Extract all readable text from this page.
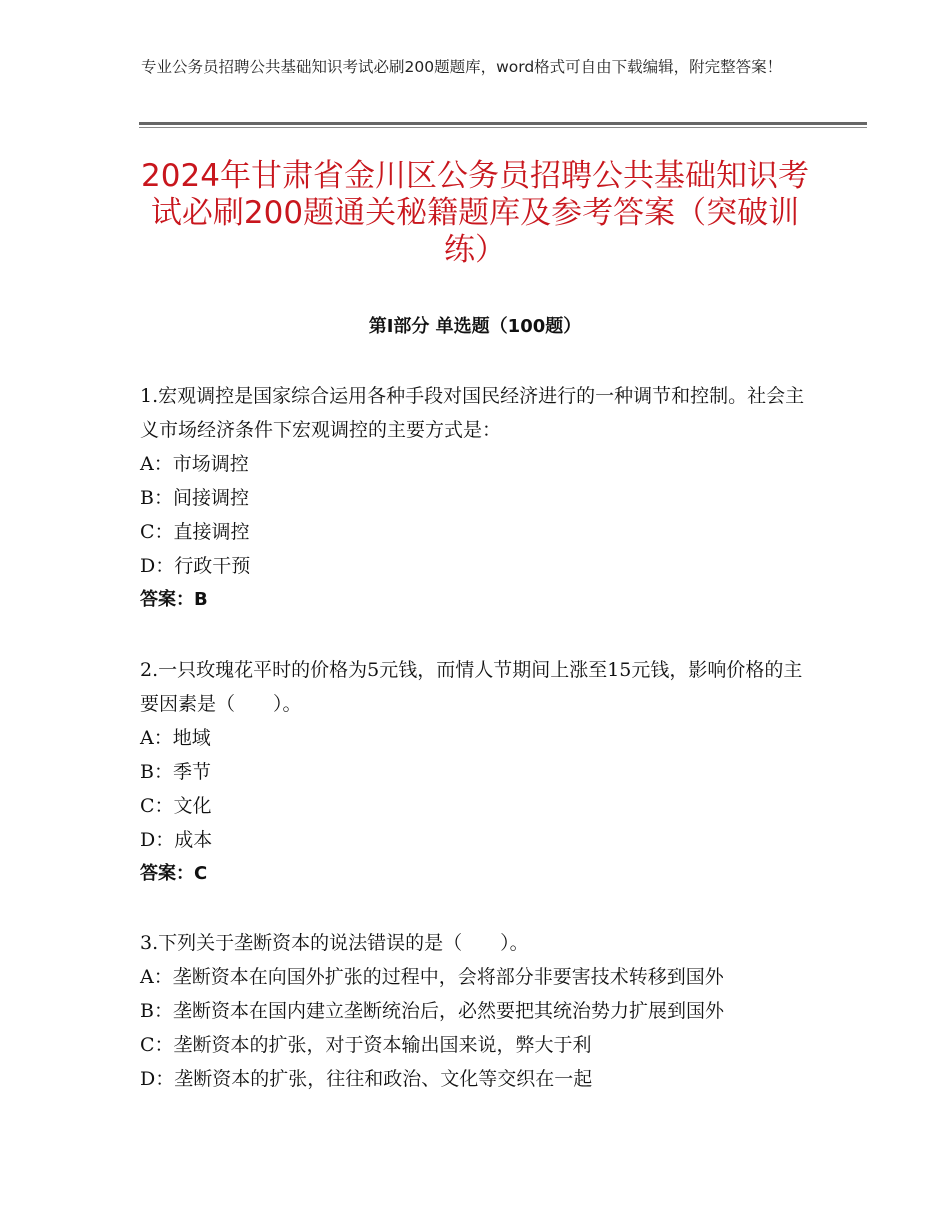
专业公务员招聘公共基础知识考试必刷200题题库，word格式可自由下载编辑，附完整答案！
2024年甘肃省金川区公务员招聘公共基础知识考试必刷200题通关秘籍题库及参考答案（突破训练）
第Ⅰ部分 单选题（100题）
1.宏观调控是国家综合运用各种手段对国民经济进行的一种调节和控制。社会主义市场经济条件下宏观调控的主要方式是：
A：市场调控
B：间接调控
C：直接调控
D：行政干预
答案：B
2.一只玫瑰花平时的价格为5元钱，而情人节期间上涨至15元钱，影响价格的主要因素是（　　）。
A：地域
B：季节
C：文化
D：成本
答案：C
3.下列关于垄断资本的说法错误的是（　　）。
A：垄断资本在向国外扩张的过程中，会将部分非要害技术转移到国外
B：垄断资本在国内建立垄断统治后，必然要把其统治势力扩展到国外
C：垄断资本的扩张，对于资本输出国来说，弊大于利
D：垄断资本的扩张，往往和政治、文化等交织在一起
